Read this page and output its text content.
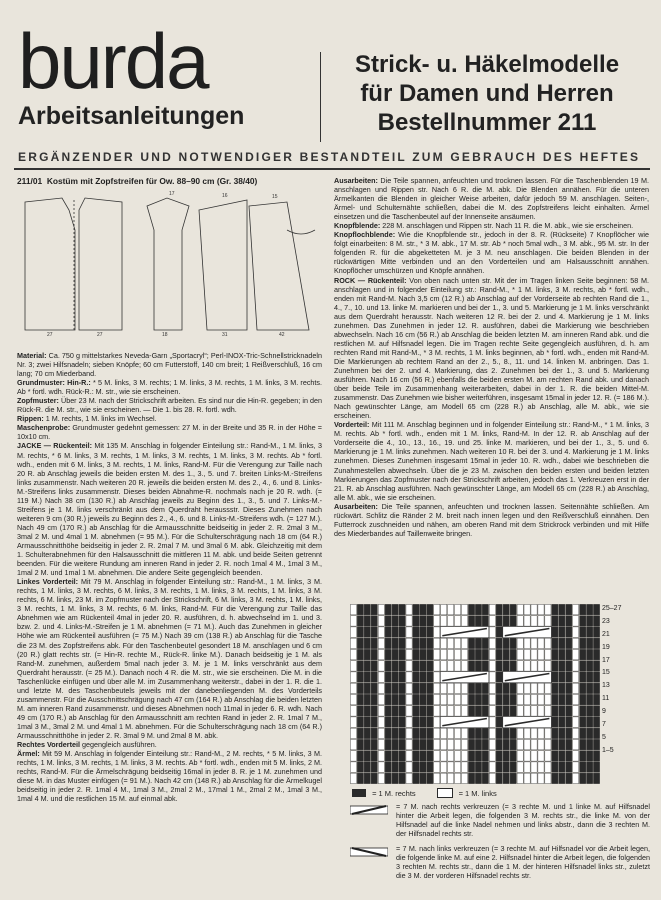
burda
Arbeitsanleitungen
Strick- u. Häkelmodelle
für Damen und Herren
Bestellnummer 211
ERGÄNZENDER UND NOTWENDIGER BESTANDTEIL ZUM GEBRAUCH DES HEFTES
211/01 Kostüm mit Zopfstreifen für Ow. 88–90 cm (Gr. 38/40)
27	27	18	31	42
17	16	15

Material: Ca. 750 g mittelstarkes Neveda-Garn „Sportacryl“; Perl-INOX-Tric-Schnellstricknadeln Nr. 3; zwei Hilfsnadeln; sieben Knöpfe; 60 cm Futterstoff, 140 cm breit; 1 Reißverschluß, 16 cm lang; 70 cm Miederband.

Grundmuster: Hin-R.: * 5 M. links, 3 M. rechts; 1 M. links, 3 M. rechts, 1 M. links, 3 M. rechts. Ab * fortl. wdh. Rück-R.: M. str., wie sie erscheinen.

Zopfmuster: Über 23 M. nach der Strickschrift arbeiten. Es sind nur die Hin-R. gegeben; in den Rück-R. die M. str., wie sie erscheinen. — Die 1. bis 28. R. fortl. wdh.

Rippen: 1 M. rechts, 1 M. links im Wechsel.

Maschenprobe: Grundmuster gedehnt gemessen: 27 M. in der Breite und 35 R. in der Höhe = 10x10 cm.

JACKE — Rückenteil: Mit 135 M. Anschlag in folgender Einteilung str.: Rand-M., 1 M. links, 3 M. rechts, * 6 M. links, 3 M. rechts, 1 M. links, 3 M. rechts, 1 M. links, 3 M. rechts. Ab * fortl. wdh., enden mit 6 M. links, 3 M. rechts, 1 M. links, Rand-M. Für die Verengung zur Taille nach 20 R. ab Anschlag jeweils die beiden ersten M. des 1., 3., 5. und 7. breiten Links-M.-Streifens links zusammenstr. Nach weiteren 20 R. jeweils die beiden ersten M. des 2., 4., 6. und 8. Links-M.-Streifens links zusammenstr. Dieses beiden Abnahme-R. nochmals nach je 20 R. wdh. (= 119 M.) Nach 38 cm (130 R.) ab Anschlag jeweils zu Beginn des 1., 3., 5. und 7. Links-M.-Streifens je 1 M. links verschränkt aus dem Querdraht heraussstr. Dieses Zunehmen nach weiteren 9 cm (30 R.) jeweils zu Beginn des 2., 4., 6. und 8. Links-M.-Streifens wdh. (= 127 M.). Nach 49 cm (170 R.) ab Anschlag für die Armausschnitte beidseitig in jeder 2. R. 2mal 3 M., 3mal 2 M. und 4mal 1 M. abnehmen (= 95 M.). Für die Schulterschrägung nach 18 cm (64 R.) Armausschnitthöhe beidseitig in jeder 2. R. 2mal 7 M. und 3mal 6 M. abk. Gleichzeitig mit dem 1. Schulterabnehmen für den Halsausschnitt die mittleren 11 M. abk. und beide Seiten getrennt beenden. Für die weitere Rundung am inneren Rand in jeder 2. R. noch 1mal 4 M., 1mal 3 M., 1mal 2 M. und 1mal 1 M. abnehmen. Die andere Seite gegengleich beenden.

Linkes Vorderteil: Mit 79 M. Anschlag in folgender Einteilung str.: Rand-M., 1 M. links, 3 M. rechts, 1 M. links, 3 M. rechts, 6 M. links, 3 M. rechts, 1 M. links, 3 M. rechts, 1 M. links, 3 M. rechts, 6 M. links, 23 M. im Zopfmuster nach der Strickschrift, 6 M. links, 3 M. rechts, 1 M. links, 3 M. rechts, 1 M. links, 3 M. rechts, 6 M. links, Rand-M. Für die Verengung zur Taille das Abnehmen wie am Rückenteil 4mal in jeder 20. R. ausführen, d. h. abwechselnd im 1. und 3. bzw. 2. und 4. Links-M.-Streifen je 1 M. abnehmen (= 71 M.). Auch das Zunehmen in gleicher Höhe wie am Rückenteil ausführen (= 75 M.) Nach 39 cm (138 R.) ab Anschlag für die Tasche die 23 M. des Zopfstreifens abk. Für den Taschenbeutel gesondert 18 M. anschlagen und 6 cm (20 R.) glatt rechts str. (= Hin-R. rechte M., Rück-R. linke M.). Danach beidseitig je 1 M. als Rand-M. zunehmen, außerdem 5mal nach jeder 3. M. je 1 M. links verschränkt aus dem Querdraht herausstr. (= 25 M.). Danach noch 4 R. die M. str., wie sie erscheinen. Die M. in die Taschenlücke einfügen und über alle M. im Zusammenhang weiterstr., dabei in der 1. R. die 1. und letzte M. des Taschenbeutels jeweils mit der danebenliegenden M. des Vorderteils zusammenstr. Für die Ausschnittschrägung nach 47 cm (164 R.) ab Anschlag die beiden letzten M. am inneren Rand zusammenstr. und dieses Abnehmen noch 11mal in jeder 6. R. wdh. Nach 49 cm (170 R.) ab Anschlag für den Armausschnitt am rechten Rand in jeder 2. R. 1mal 7 M., 1mal 3 M., 3mal 2 M. und 4mal 1 M. abnehmen. Für die Schulterschrägung nach 18 cm (64 R.) Armausschnitthöhe in jeder 2. R. 3mal 9 M. und 2mal 8 M. abk.

Rechtes Vorderteil gegengleich ausführen.

Ärmel: Mit 59 M. Anschlag in folgender Einteilung str.: Rand-M., 2 M. rechts, * 5 M. links, 3 M. rechts, 1 M. links, 3 M. rechts, 1 M. links, 3 M. rechts. Ab * fortl. wdh., enden mit 5 M. links, 2 M. rechts, Rand-M. Für die Ärmelschrägung beidseitig 16mal in jeder 8. R. je 1 M. zunehmen und diese M. in das Muster einfügen (= 91 M.). Nach 42 cm (148 R.) ab Anschlag für die Ärmelkugel beidseitig in jeder 2. R. 1mal 4 M., 1mal 3 M., 2mal 2 M., 17mal 1 M., 2mal 2 M., 1mal 3 M., 1mal 4 M. und die restlichen 15 M. auf einmal abk.

Ausarbeiten: Die Teile spannen, anfeuchten und trocknen lassen. Für die Taschenblenden 19 M. anschlagen und Rippen str. Nach 6 R. die M. abk. Die Blenden annähen. Für die unteren Ärmelkanten die Blenden in gleicher Weise arbeiten, dafür jedoch 59 M. anschlagen. Seiten-, Ärmel- und Schulternähte schließen, dabei die M. des Zopfstreifens leicht einhalten. Ärmel einsetzen und die Taschenbeutel auf der Innenseite ansäumen.

Knopfblende: 228 M. anschlagen und Rippen str. Nach 11 R. die M. abk., wie sie erscheinen.

Knopflochblende: Wie die Knopfblende str., jedoch in der 8. R. (Rückseite) 7 Knopflöcher wie folgt einarbeiten: 8 M. str., * 3 M. abk., 17 M. str. Ab * noch 5mal wdh., 3 M. abk., 95 M. str. In der folgenden R. für die abgeketteten M. je 3 M. neu anschlagen. Die beiden Blenden in der rückwärtigen Mitte verbinden und an den Vorderteilen und am Halsausschnitt annähen. Knopflöcher umschürzen und Knöpfe annähen.

ROCK — Rückenteil: Von oben nach unten str. Mit der im Tragen linken Seite beginnen: 58 M. anschlagen und in folgender Einteilung str.: Rand-M., * 1 M. links, 3 M. rechts, ab * fortl. wdh., enden mit Rand-M. Nach 3,5 cm (12 R.) ab Anschlag auf der Vorderseite ab rechten Rand die 1., 4., 7., 10. und 13. linke M. markieren und bei der 1., 3. und 5. Markierung je 1 M. links verschränkt aus dem Querdraht herausstr. Nach weiteren 12 R. bei der 2. und 4. Markierung je 1 M. links zunehmen. Das Zunehmen in jeder 12. R. ausführen, dabei die Markierung wie beschrieben abwechseln. Nach 16 cm (56 R.) ab Anschlag die beiden letzten M. am inneren Rand abk. und die restlichen M. auf Hilfsnadel legen. Die im Tragen rechte Seite gegengleich ausführen, d. h. am rechten Rand mit Rand-M., * 3 M. rechts, 1 M. links beginnen, ab * fortl. wdh., enden mit Rand-M. Die Markierungen ab rechtem Rand an der 2., 5., 8., 11. und 14. linken M. anbringen. Das 1. Zunehmen bei der 2. und 4. Markierung, das 2. Zunehmen bei der 1., 3. und 5. Markierung ausführen. Nach 16 cm (56 R.) ebenfalls die beiden ersten M. am rechten Rand abk. und danach über beide Teile im Zusammenhang weiterarbeiten, dabei in der 1. R. die beiden Mittel-M. zusammenstr. Das Zunehmen wie bisher weiterführen, insgesamt 15mal in jeder 12. R. (= 186 M.). Nach gewünschter Länge, am Modell 65 cm (228 R.) ab Anschlag, alle M. abk., wie sie erscheinen.

Vorderteil: Mit 111 M. Anschlag beginnen und in folgender Einteilung str.: Rand-M., * 1 M. links, 3 M. rechts. Ab * fortl. wdh., enden mit 1 M. links, Rand-M. In der 12. R. ab Anschlag auf der Vorderseite die 4., 10., 13., 16., 19. und 25. linke M. markieren, und bei der 1., 3., 5. und 6. Markierung je 1 M. links zunehmen. Nach weiteren 10 R. bei der 3. und 4. Markierung je 1 M. links zunehmen. Dieses Zunehmen insgesamt 15mal in jeder 10. R. wdh., dabei wie beschrieben die Zunahmestellen abwechseln. Über die je 23 M. zwischen den beiden ersten und beiden letzten Markierungen das Zopfmuster nach der Strickschrift arbeiten, jedoch das 1. Verkreuzen erst in der 21. R. ab Anschlag ausführen. Nach gewünschter Länge, am Modell 65 cm (228 R.) ab Anschlag, alle M. abk., wie sie erscheinen.

Ausarbeiten: Die Teile spannen, anfeuchten und trocknen lassen. Seitennähte schließen. Am rückwärt. Schlitz die Ränder 2 M. breit nach innen legen und den Reißverschluß einnähen. Den Futterrock zuschneiden und nähen, am oberen Rand mit dem Strickrock verbinden und mit Hilfe des Miederbandes auf Taillenweite bringen.

25–27
23
21
19
17
15
13
11
9
7
5
1–5
= 1 M. rechts	= 1 M. links
= 7 M. nach rechts verkreuzen (= 3 rechte M. und 1 linke M. auf Hilfsnadel hinter die Arbeit legen, die folgenden 3 M. rechts str., die linke M. von der Hilfsnadel auf die linke Nadel nehmen und links abstr., dann die 3 rechten M. der Hilfsnadel rechts str.
= 7 M. nach links verkreuzen (= 3 rechte M. auf Hilfsnadel vor die Arbeit legen, die folgende linke M. auf eine 2. Hilfsnadel hinter die Arbeit legen, die folgenden 3 rechten M. rechts str., dann die 1 M. der hinteren Hilfsnadel links str., zuletzt die 3 M. der vorderen Hilfsnadel rechts str.
